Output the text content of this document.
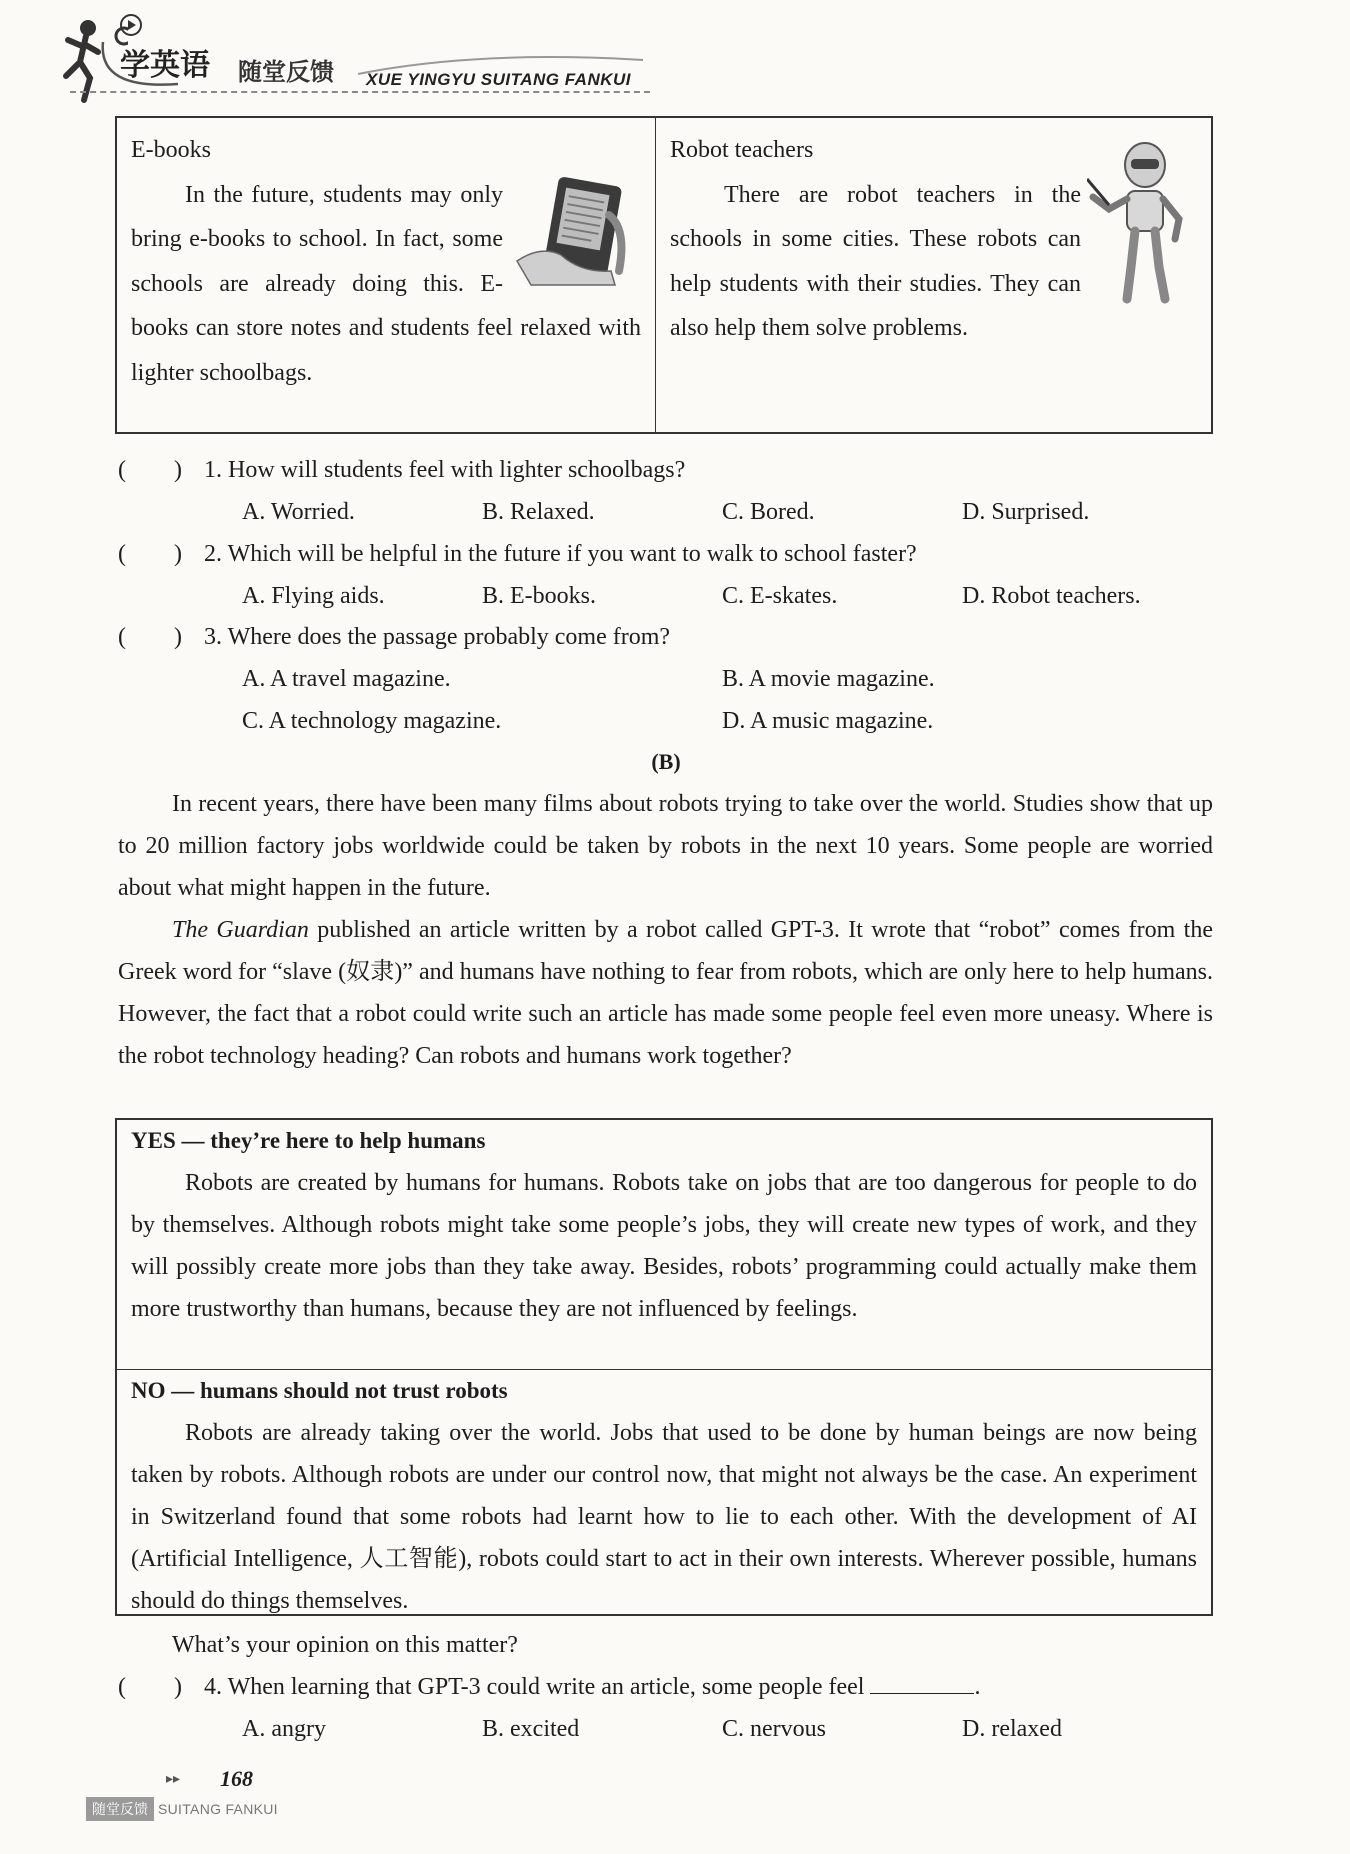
学英语 随堂反馈 XUE YINGYU SUITANG FANKUI
E-books
In the future, students may only bring e-books to school. In fact, some schools are already doing this. E-books can store notes and students feel relaxed with lighter schoolbags.
Robot teachers
There are robot teachers in the schools in some cities. These robots can help students with their studies. They can also help them solve problems.
(　　) 1. How will students feel with lighter schoolbags?
A. Worried.	B. Relaxed.	C. Bored.	D. Surprised.
(　　) 2. Which will be helpful in the future if you want to walk to school faster?
A. Flying aids.	B. E-books.	C. E-skates.	D. Robot teachers.
(　　) 3. Where does the passage probably come from?
A. A travel magazine.	B. A movie magazine.
C. A technology magazine.	D. A music magazine.
(B)
In recent years, there have been many films about robots trying to take over the world. Studies show that up to 20 million factory jobs worldwide could be taken by robots in the next 10 years. Some people are worried about what might happen in the future.
The Guardian published an article written by a robot called GPT-3. It wrote that “robot” comes from the Greek word for “slave (奴隶)” and humans have nothing to fear from robots, which are only here to help humans. However, the fact that a robot could write such an article has made some people feel even more uneasy. Where is the robot technology heading? Can robots and humans work together?
YES — they’re here to help humans
Robots are created by humans for humans. Robots take on jobs that are too dangerous for people to do by themselves. Although robots might take some people’s jobs, they will create new types of work, and they will possibly create more jobs than they take away. Besides, robots’ programming could actually make them more trustworthy than humans, because they are not influenced by feelings.
NO — humans should not trust robots
Robots are already taking over the world. Jobs that used to be done by human beings are now being taken by robots. Although robots are under our control now, that might not always be the case. An experiment in Switzerland found that some robots had learnt how to lie to each other. With the development of AI (Artificial Intelligence, 人工智能), robots could start to act in their own interests. Wherever possible, humans should do things themselves.
What’s your opinion on this matter?
(　　) 4. When learning that GPT-3 could write an article, some people feel	.
A. angry	B. excited	C. nervous	D. relaxed
▸▸ 168
随堂反馈 SUITANG FANKUI
